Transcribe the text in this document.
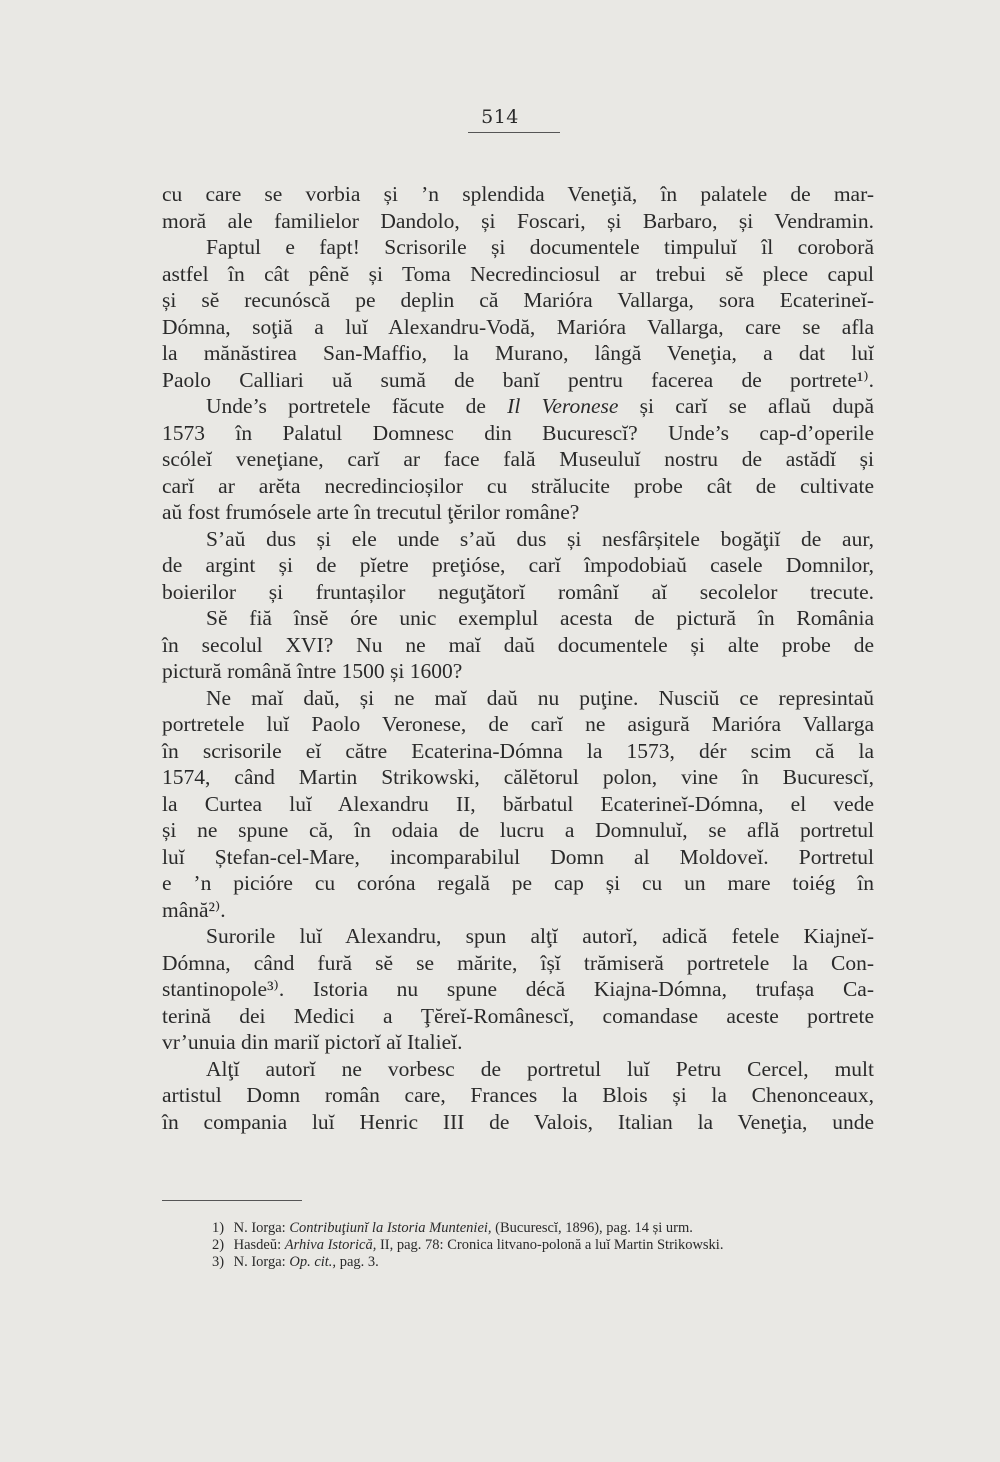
514
cu care se vorbia și ’n splendida Veneţiă, în palatele de mar-
moră ale familielor Dandolo, și Foscari, și Barbaro, și Vendramin.
Faptul e fapt! Scrisorile și documentele timpuluĭ îl coroboră
astfel în cât pênĕ și Toma Necredinciosul ar trebui sĕ plece capul
și sĕ recunóscă pe deplin că Marióra Vallarga, sora Ecaterineĭ-
Dómna, soţiă a luĭ Alexandru-Vodă, Marióra Vallarga, care se afla
la mănăstirea San-Maffio, la Murano, lângă Veneţia, a dat luĭ
Paolo Calliari uă sumă de banĭ pentru facerea de portrete¹⁾.
Unde’s portretele făcute de Il Veronese și carĭ se aflaŭ după
1573 în Palatul Domnesc din Bucurescĭ? Unde’s cap-d’operile
scóleĭ veneţiane, carĭ ar face fală Museuluĭ nostru de astădĭ și
carĭ ar arĕta necredincioșilor cu strălucite probe cât de cultivate
aŭ fost frumósele arte în trecutul ţĕrilor române?
S’aŭ dus și ele unde s’aŭ dus și nesfârșitele bogăţiĭ de aur,
de argint și de pĭetre preţióse, carĭ împodobiaŭ casele Domnilor,
boierilor și fruntașilor neguţătorĭ românĭ aĭ secolelor trecute.
Sĕ fiă însĕ óre unic exemplul acesta de pictură în România
în secolul XVI? Nu ne maĭ daŭ documentele și alte probe de
pictură română între 1500 și 1600?
Ne maĭ daŭ, și ne maĭ daŭ nu puţine. Nusciŭ ce represintaŭ
portretele luĭ Paolo Veronese, de carĭ ne asigură Marióra Vallarga
în scrisorile eĭ către Ecaterina-Dómna la 1573, dér scim că la
1574, când Martin Strikowski, călĕtorul polon, vine în Bucurescĭ,
la Curtea luĭ Alexandru II, bărbatul Ecaterineĭ-Dómna, el vede
și ne spune că, în odaia de lucru a Domnuluĭ, se află portretul
luĭ Ștefan-cel-Mare, incomparabilul Domn al Moldoveĭ. Portretul
e ’n picióre cu coróna regală pe cap și cu un mare toiég în
mână²⁾.
Surorile luĭ Alexandru, spun alţĭ autorĭ, adică fetele Kiajneĭ-
Dómna, când fură sĕ se mărite, îșĭ trămiseră portretele la Con-
stantinopole³⁾. Istoria nu spune décă Kiajna-Dómna, trufașa Ca-
terină dei Medici a Ţĕreĭ-Românescĭ, comandase aceste portrete
vr’unuia din mariĭ pictorĭ aĭ Italieĭ.
Alţĭ autorĭ ne vorbesc de portretul luĭ Petru Cercel, mult
artistul Domn român care, Frances la Blois și la Chenonceaux,
în compania luĭ Henric III de Valois, Italian la Veneţia, unde
1) N. Iorga: Contribuţiunĭ la Istoria Munteniei, (Bucurescĭ, 1896), pag. 14 și urm.
2) Hasdeŭ: Arhiva Istorică, II, pag. 78: Cronica litvano-polonă a luĭ Martin Strikowski.
3) N. Iorga: Op. cit., pag. 3.
